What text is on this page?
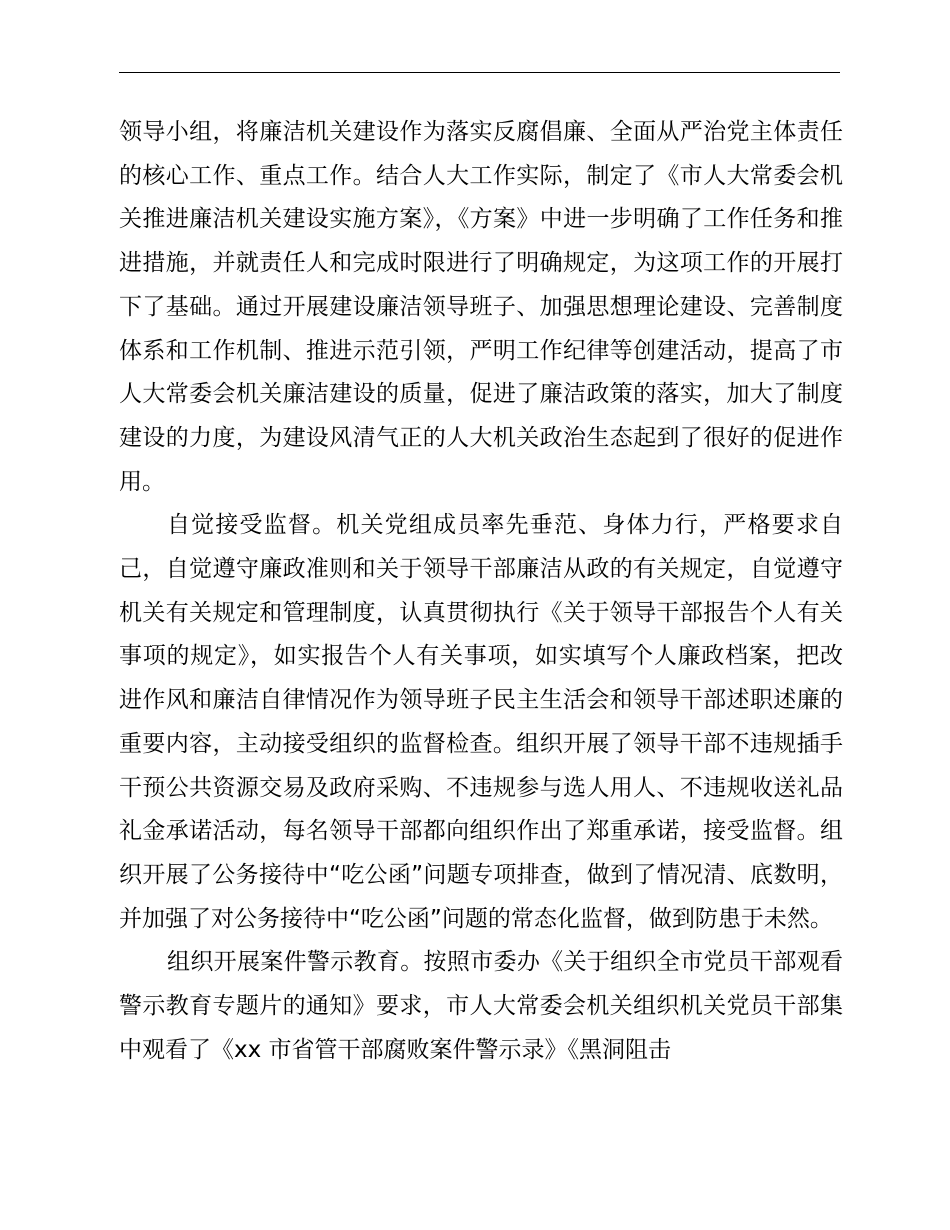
领导小组，将廉洁机关建设作为落实反腐倡廉、全面从严治党主体责任的核心工作、重点工作。结合人大工作实际，制定了《市人大常委会机关推进廉洁机关建设实施方案》，《方案》中进一步明确了工作任务和推进措施，并就责任人和完成时限进行了明确规定，为这项工作的开展打下了基础。通过开展建设廉洁领导班子、加强思想理论建设、完善制度体系和工作机制、推进示范引领，严明工作纪律等创建活动，提高了市人大常委会机关廉洁建设的质量，促进了廉洁政策的落实，加大了制度建设的力度，为建设风清气正的人大机关政治生态起到了很好的促进作用。

自觉接受监督。机关党组成员率先垂范、身体力行，严格要求自己，自觉遵守廉政准则和关于领导干部廉洁从政的有关规定，自觉遵守机关有关规定和管理制度，认真贯彻执行《关于领导干部报告个人有关事项的规定》，如实报告个人有关事项，如实填写个人廉政档案，把改进作风和廉洁自律情况作为领导班子民主生活会和领导干部述职述廉的重要内容，主动接受组织的监督检查。组织开展了领导干部不违规插手干预公共资源交易及政府采购、不违规参与选人用人、不违规收送礼品礼金承诺活动，每名领导干部都向组织作出了郑重承诺，接受监督。组织开展了公务接待中“吃公函”问题专项排查，做到了情况清、底数明，并加强了对公务接待中“吃公函”问题的常态化监督，做到防患于未然。

组织开展案件警示教育。按照市委办《关于组织全市党员干部观看警示教育专题片的通知》要求，市人大常委会机关组织机关党员干部集中观看了《xx 市省管干部腐败案件警示录》《黑洞阻击
